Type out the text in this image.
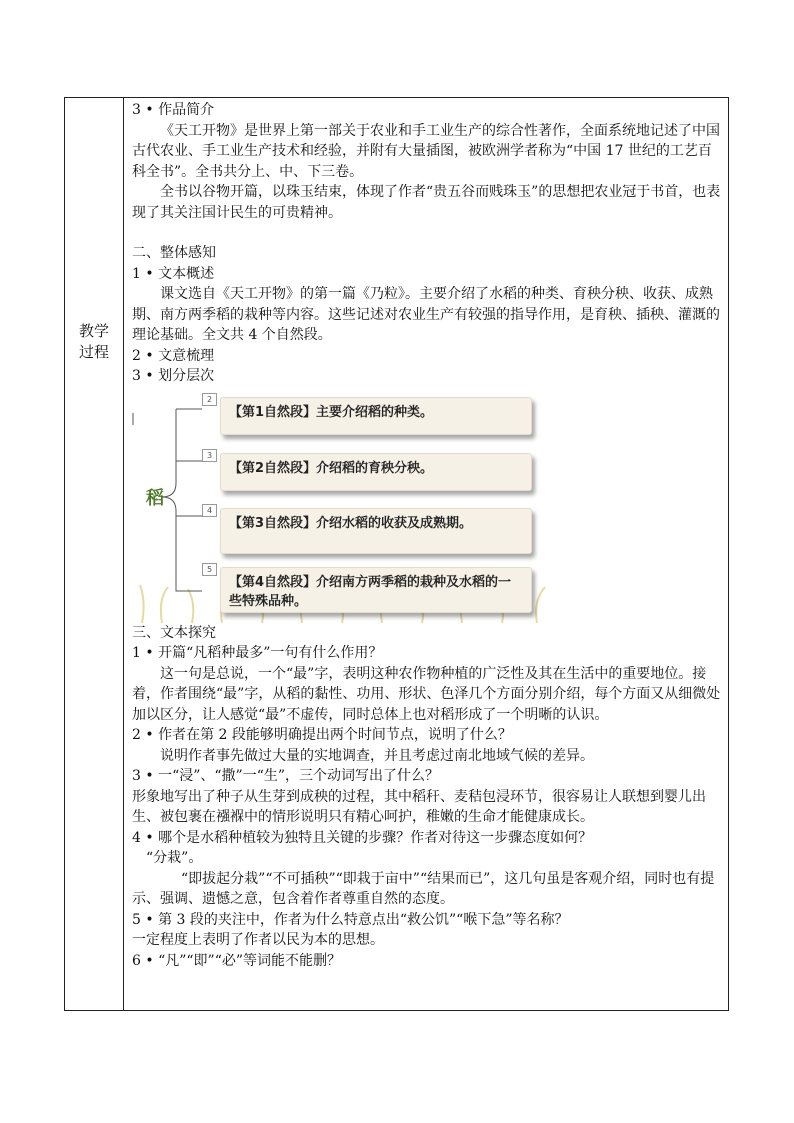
教学
过程

3 • 作品简介

《天工开物》是世界上第一部关于农业和手工业生产的综合性著作，全面系统地记述了中国古代农业、手工业生产技术和经验，并附有大量插图，被欧洲学者称为“中国 17 世纪的工艺百科全书”。全书共分上、中、下三卷。

全书以谷物开篇，以珠玉结束，体现了作者“贵五谷而贱珠玉”的思想把农业冠于书首，也表现了其关注国计民生的可贵精神。

二、整体感知

1 • 文本概述

课文选自《天工开物》的第一篇《乃粒》。主要介绍了水稻的种类、育秧分秧、收获、成熟期、南方两季稻的栽种等内容。这些记述对农业生产有较强的指导作用，是育秧、插秧、灌溉的理论基础。全文共 4 个自然段。

2 • 文意梳理

3 • 划分层次

稻
2
【第1自然段】主要介绍稻的种类。
3
【第2自然段】介绍稻的育秧分秧。
4
【第3自然段】介绍水稻的收获及成熟期。
5
【第4自然段】介绍南方两季稻的栽种及水稻的一些特殊品种。

三、文本探究

1 • 开篇“凡稻种最多”一句有什么作用？

这一句是总说，一个“最”字，表明这种农作物种植的广泛性及其在生活中的重要地位。接着，作者围绕“最”字，从稻的黏性、功用、形状、色泽几个方面分别介绍，每个方面又从细微处加以区分，让人感觉“最”不虚传，同时总体上也对稻形成了一个明晰的认识。

2 • 作者在第 2 段能够明确提出两个时间节点，说明了什么？

说明作者事先做过大量的实地调查，并且考虑过南北地域气候的差异。

3 • 一“浸”、“撒”一“生”，三个动词写出了什么？

形象地写出了种子从生芽到成秧的过程，其中稻秆、麦秸包浸环节，很容易让人联想到婴儿出生、被包裹在襁褓中的情形说明只有精心呵护，稚嫩的生命才能健康成长。

4 • 哪个是水稻种植较为独特且关键的步骤？作者对待这一步骤态度如何？

“分栽”。

“即拔起分栽”“不可插秧”“即栽于亩中”“结果而已”，这几句虽是客观介绍，同时也有提示、强调、遗憾之意，包含着作者尊重自然的态度。

5 • 第 3 段的夹注中，作者为什么特意点出“救公饥”“喉下急”等名称？

一定程度上表明了作者以民为本的思想。

6 • “凡”“即”“必”等词能不能删？
